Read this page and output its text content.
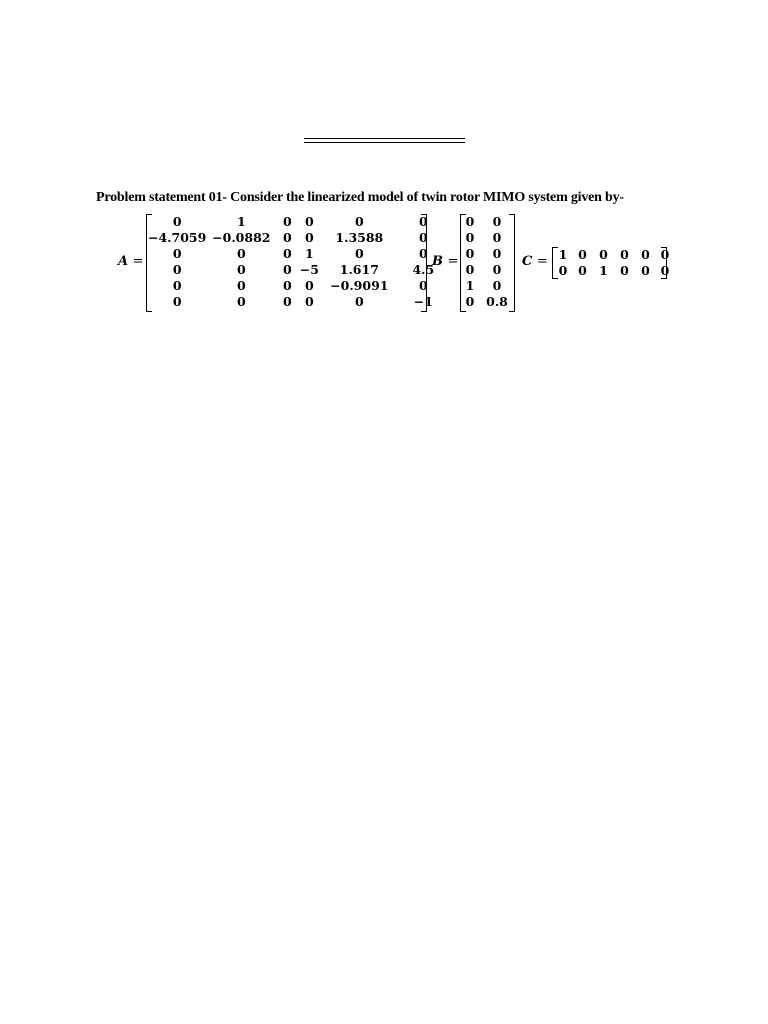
Problem statement 01- Consider the linearized model of twin rotor MIMO system given by-
A =
0	1	0	0	0	0
−4.7059	−0.0882	0	0	1.3588	0
0	0	0	1	0	0
0	0	0	−5	1.617	4.5
0	0	0	0	−0.9091	0
0	0	0	0	0	−1
B =
0	0
0	0
0	0
0	0
1	0
0	0.8
C = 1	0	0	0	0	0
0	0	1	0	0	0
